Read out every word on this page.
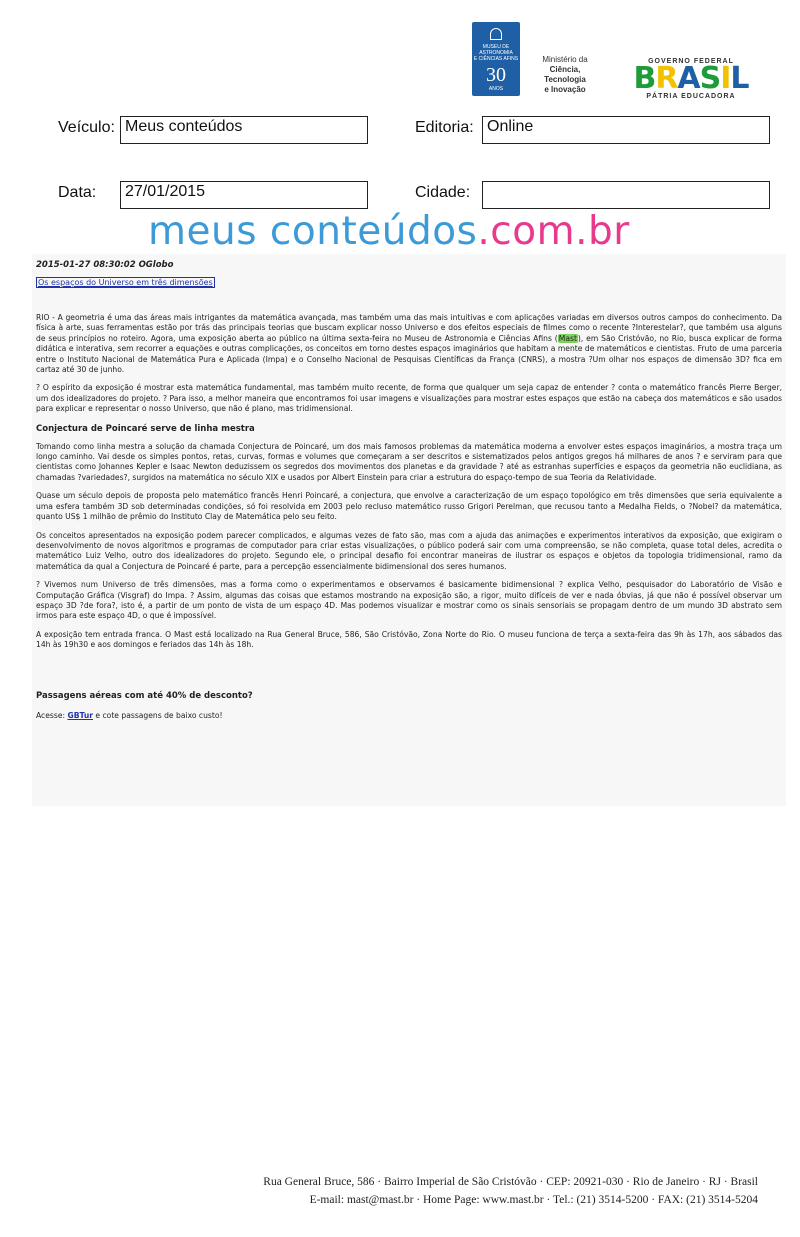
MUSEU DE
ASTRONOMIA
E CIÊNCIAS AFINS
30
ANOS
Ministério da
Ciência, Tecnologia
e Inovação
GOVERNO FEDERAL
BRASIL
PÁTRIA EDUCADORA
Veículo: Meus conteúdos	Editoria: Online
Data:	27/01/2015	Cidade:
meus conteúdos.com.br
2015-01-27 08:30:02 OGlobo
Os espaços do Universo em três dimensões

RIO - A geometria é uma das áreas mais intrigantes da matemática avançada, mas também uma das mais intuitivas e com aplicações variadas em diversos outros campos do conhecimento. Da física à arte, suas ferramentas estão por trás das principais teorias que buscam explicar nosso Universo e dos efeitos especiais de filmes como o recente ?Interestelar?, que também usa alguns de seus princípios no roteiro. Agora, uma exposição aberta ao público na última sexta-feira no Museu de Astronomia e Ciências Afins (Mast), em São Cristóvão, no Rio, busca explicar de forma didática e interativa, sem recorrer a equações e outras complicações, os conceitos em torno destes espaços imaginários que habitam a mente de matemáticos e cientistas. Fruto de uma parceria entre o Instituto Nacional de Matemática Pura e Aplicada (Impa) e o Conselho Nacional de Pesquisas Científicas da França (CNRS), a mostra ?Um olhar nos espaços de dimensão 3D? fica em cartaz até 30 de junho.

? O espírito da exposição é mostrar esta matemática fundamental, mas também muito recente, de forma que qualquer um seja capaz de entender ? conta o matemático francês Pierre Berger, um dos idealizadores do projeto. ? Para isso, a melhor maneira que encontramos foi usar imagens e visualizações para mostrar estes espaços que estão na cabeça dos matemáticos e são usados para explicar e representar o nosso Universo, que não é plano, mas tridimensional.

Conjectura de Poincaré serve de linha mestra

Tomando como linha mestra a solução da chamada Conjectura de Poincaré, um dos mais famosos problemas da matemática moderna a envolver estes espaços imaginários, a mostra traça um longo caminho. Vai desde os simples pontos, retas, curvas, formas e volumes que começaram a ser descritos e sistematizados pelos antigos gregos há milhares de anos ? e serviram para que cientistas como Johannes Kepler e Isaac Newton deduzissem os segredos dos movimentos dos planetas e da gravidade ? até as estranhas superfícies e espaços da geometria não euclidiana, as chamadas ?variedades?, surgidos na matemática no século XIX e usados por Albert Einstein para criar a estrutura do espaço-tempo de sua Teoria da Relatividade.

Quase um século depois de proposta pelo matemático francês Henri Poincaré, a conjectura, que envolve a caracterização de um espaço topológico em três dimensões que seria equivalente a uma esfera também 3D sob determinadas condições, só foi resolvida em 2003 pelo recluso matemático russo Grigori Perelman, que recusou tanto a Medalha Fields, o ?Nobel? da matemática, quanto US$ 1 milhão de prêmio do Instituto Clay de Matemática pelo seu feito.

Os conceitos apresentados na exposição podem parecer complicados, e algumas vezes de fato são, mas com a ajuda das animações e experimentos interativos da exposição, que exigiram o desenvolvimento de novos algoritmos e programas de computador para criar estas visualizações, o público poderá sair com uma compreensão, se não completa, quase total deles, acredita o matemático Luiz Velho, outro dos idealizadores do projeto. Segundo ele, o principal desafio foi encontrar maneiras de ilustrar os espaços e objetos da topologia tridimensional, ramo da matemática da qual a Conjectura de Poincaré é parte, para a percepção essencialmente bidimensional dos seres humanos.

? Vivemos num Universo de três dimensões, mas a forma como o experimentamos e observamos é basicamente bidimensional ? explica Velho, pesquisador do Laboratório de Visão e Computação Gráfica (Visgraf) do Impa. ? Assim, algumas das coisas que estamos mostrando na exposição são, a rigor, muito difíceis de ver e nada óbvias, já que não é possível observar um espaço 3D ?de fora?, isto é, a partir de um ponto de vista de um espaço 4D. Mas podemos visualizar e mostrar como os sinais sensoriais se propagam dentro de um mundo 3D abstrato sem irmos para este espaço 4D, o que é impossível.

A exposição tem entrada franca. O Mast está localizado na Rua General Bruce, 586, São Cristóvão, Zona Norte do Rio. O museu funciona de terça a sexta-feira das 9h às 17h, aos sábados das 14h às 19h30 e aos domingos e feriados das 14h às 18h.

Passagens aéreas com até 40% de desconto?
Acesse: GBTur e cote passagens de baixo custo!
Rua General Bruce, 586 · Bairro Imperial de São Cristóvão · CEP: 20921-030 · Rio de Janeiro · RJ · Brasil
E-mail: mast@mast.br · Home Page: www.mast.br · Tel.: (21) 3514-5200 · FAX: (21) 3514-5204
